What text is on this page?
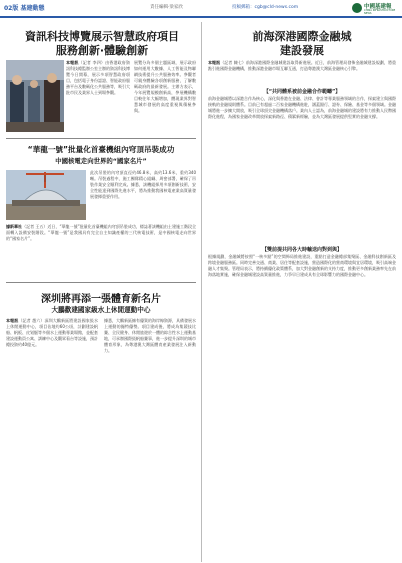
02版 基建動態	責任編輯·梁家欣	投稿郵箱：cgb@cld-news.com	中國基建報
CHINA INFRASTRUCTURE NEWS
資訊科技博覽展示智慧政府項目
服務創新·體驗創新
本報訊（記者 李四）由香港政府資訊科技總監辦公室主辦的資訊科技博覽今日開幕，展示多項智慧政府項目，包括電子身份認證、智能政府服務平台及數碼化公共服務等，吸引大批市民及業界人士到場參觀。
展覽分為多個主題區域，展示政府如何運用大數據、人工智能及物聯網技術提升公共服務效率。參觀者可親身體驗各項創新服務，了解數碼政府的最新發展。主辦方表示，今年展覽規模創新高，參展機構數目較往年大幅增加，體現業界對智慧城市發展的高度重視與積極參與。
“華龍一號”批量化首臺機組內穹頂吊裝成功
中國核電走向世界的“國家名片”
此次吊裝的內穹頂直徑約46.8米，高約13.6米，重約340噸。吊裝過程中，施工團隊精心組織、周密部署，確保了吊裝作業安全順利完成。據悉，該機組採用多項創新技術，安全性能達到國際先進水平，將為推動我國核電產業高質量發展發揮重要作用。
據新華社（記者 王五）近日，“華龍一號”批量化首臺機組內穹頂吊裝成功，標誌著該機組由土建施工階段全面轉入設備安裝階段。“華龍一號”是我國具有完全自主知識產權的三代核電技術，是中國核電走向世界的“國家名片”。
深圳將再添一張體育新名片
大鵬歡建國家級水上休閒運動中心
本報訊（記者 趙六）深圳大鵬新區將建設國家級水上休閒運動中心，項目佔地約60公頃，計劃建設帆船、帆板、皮划艇等多個水上運動專業場館，並配套建設運動員公寓、訓練中心及觀眾看台等設施，預計總投資約40億元。
據悉，大鵬新區擁有優質的海岸線資源，具備發展水上運動的獨特優勢。項目建成後，將成為集競技比賽、全民健身、休閒旅遊於一體的綜合性水上運動基地，可承辦國際級帆船賽事，進一步提升深圳的城市體育形象，為粵港澳大灣區體育產業發展注入新動力。
前海深港國際金融城
建設發展
本報訊（記者 陳七）前海深港國際金融城建設取得新進展。近日，前海管理局發佈金融城建設規劃，將重點引進國際金融機構，推動深港金融市場互聯互通，打造粵港澳大灣區金融核心引擎。
【“共同體系被前金融合作範疇”】
前海金融城將以深港合作為核心，深化與香港在金融、法律、會計等專業服務領域的合作，探索建立與國際接軌的金融規則體系。目前已有超過二百家金融機構進駐，涵蓋銀行、證券、保險、基金等多個領域。金融城將進一步擴大開放，吸引全球頂尖金融機構落戶。業內人士認為，前海金融城的建設將有力推動人民幣國際化進程，為國家金融改革開放探索新路徑、積累新經驗，並為大灣區發展提供堅實的金融支撐。
【雙前提共同各大時輸送向對到與】
根據規劃，金融城將按照“一核多點”的空間佈局推進建設，重點打造金融總部集聚區、金融科技創新區及跨境金融服務區。同時完善交通、商業、居住等配套設施，營造國際化的營商環境與宜居環境，吸引高端金融人才集聚。管理局表示，將持續優化政策體系，加大對金融創新的支持力度，推動更多創新業務率先在前海落地實施，確保金融城建設高質量推進，力爭早日建成具有全球影響力的國際金融中心。
